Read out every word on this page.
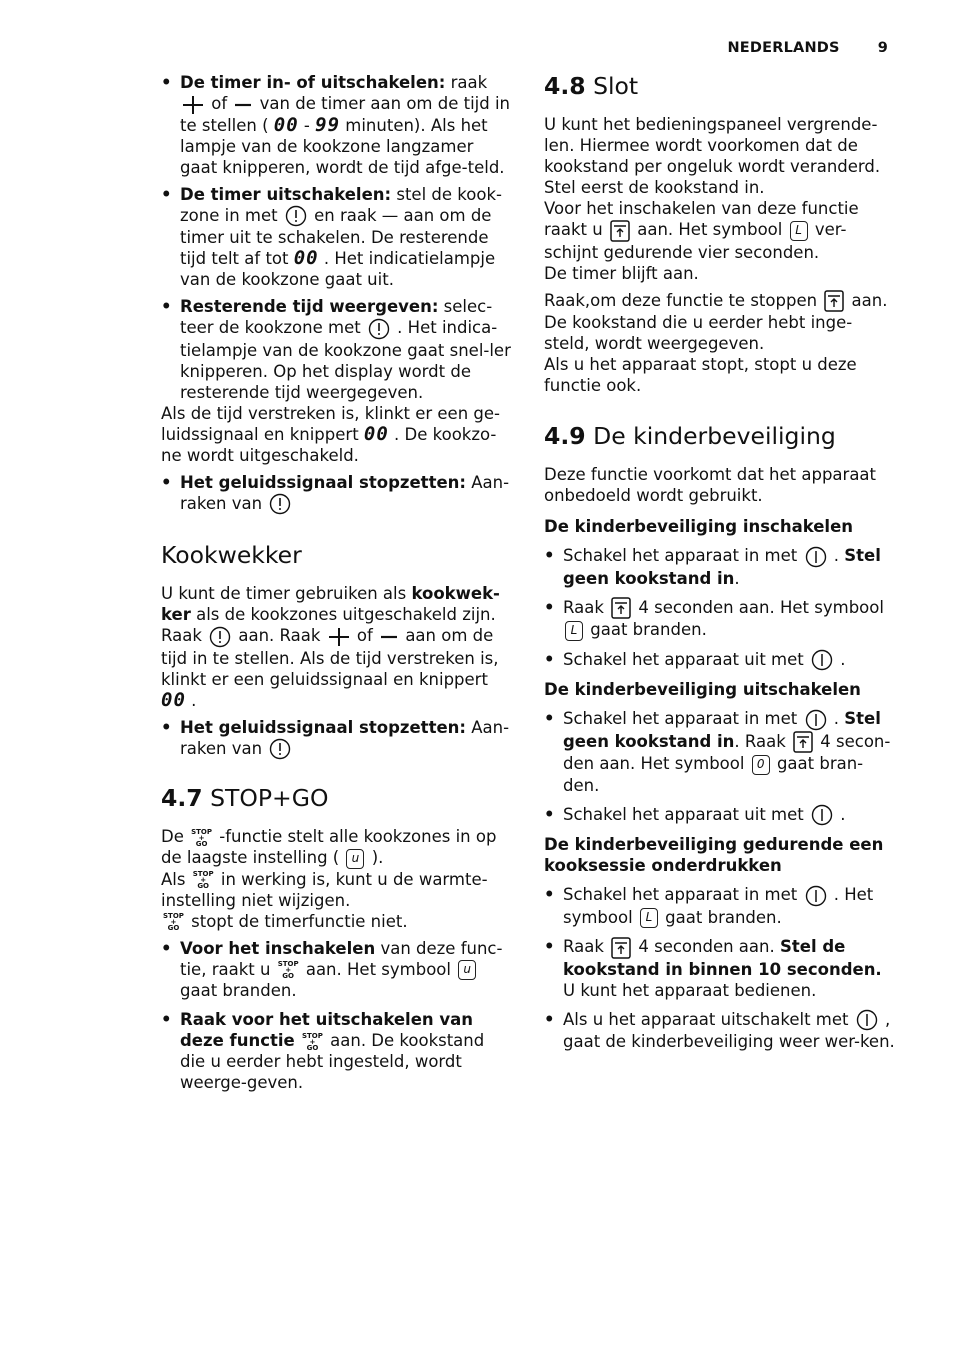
NEDERLANDS	9
• De timer in- of uitschakelen: raak  of  van de timer aan om de tijd in te stellen ( 00 - 99 minuten). Als het lampje van de kookzone langzamer gaat knipperen, wordt de tijd afge-teld.
• De timer uitschakelen: stel de kook-zone in met  en raak — aan om de timer uit te schakelen. De resterende tijd telt af tot 00 . Het indicatielampje van de kookzone gaat uit.
• Resterende tijd weergeven: selec-teer de kookzone met  . Het indica-tielampje van de kookzone gaat snel-ler knipperen. Op het display wordt de resterende tijd weergegeven.

Als de tijd verstreken is, klinkt er een ge-luidssignaal en knippert 00 . De kookzo-ne wordt uitgeschakeld.

• Het geluidssignaal stopzetten: Aan-raken van
Kookwekker

U kunt de timer gebruiken als kookwek-ker als de kookzones uitgeschakeld zijn. Raak  aan. Raak  of  aan om de tijd in te stellen. Als de tijd verstreken is, klinkt er een geluidssignaal en knippert
00 .

• Het geluidssignaal stopzetten: Aan-raken van
4.7 STOP+GO

De STOP
+
GO -functie stelt alle kookzones in op de laagste instelling ( u ).

Als STOP
+
GO in werking is, kunt u de warmte-instelling niet wijzigen.

STOP
+
GO stopt de timerfunctie niet.

• Voor het inschakelen van deze func-tie, raakt u STOP
+
GO aan. Het symbool u gaat branden.
• Raak voor het uitschakelen van deze functie STOP
+
GO aan. De kookstand die u eerder hebt ingesteld, wordt weerge-geven.
4.8 Slot

U kunt het bedieningspaneel vergrende-len. Hiermee wordt voorkomen dat de kookstand per ongeluk wordt veranderd. Stel eerst de kookstand in.

Voor het inschakelen van deze functie raakt u  aan. Het symbool L ver-schijnt gedurende vier seconden.

De timer blijft aan.

Raak,om deze functie te stoppen  aan. De kookstand die u eerder hebt inge-steld, wordt weergegeven.

Als u het apparaat stopt, stopt u deze functie ook.

4.9 De kinderbeveiliging

Deze functie voorkomt dat het apparaat onbedoeld wordt gebruikt.

De kinderbeveiliging inschakelen
• Schakel het apparaat in met  . Stel geen kookstand in.
• Raak  4 seconden aan. Het symbool L gaat branden.
• Schakel het apparaat uit met  .
De kinderbeveiliging uitschakelen
• Schakel het apparaat in met  . Stel geen kookstand in. Raak  4 secon-den aan. Het symbool 0 gaat bran-den.
• Schakel het apparaat uit met  .
De kinderbeveiliging gedurende een kooksessie onderdrukken
• Schakel het apparaat in met  . Het symbool L gaat branden.
• Raak  4 seconden aan. Stel de kookstand in binnen 10 seconden. U kunt het apparaat bedienen.
• Als u het apparaat uitschakelt met  , gaat de kinderbeveiliging weer wer-ken.
